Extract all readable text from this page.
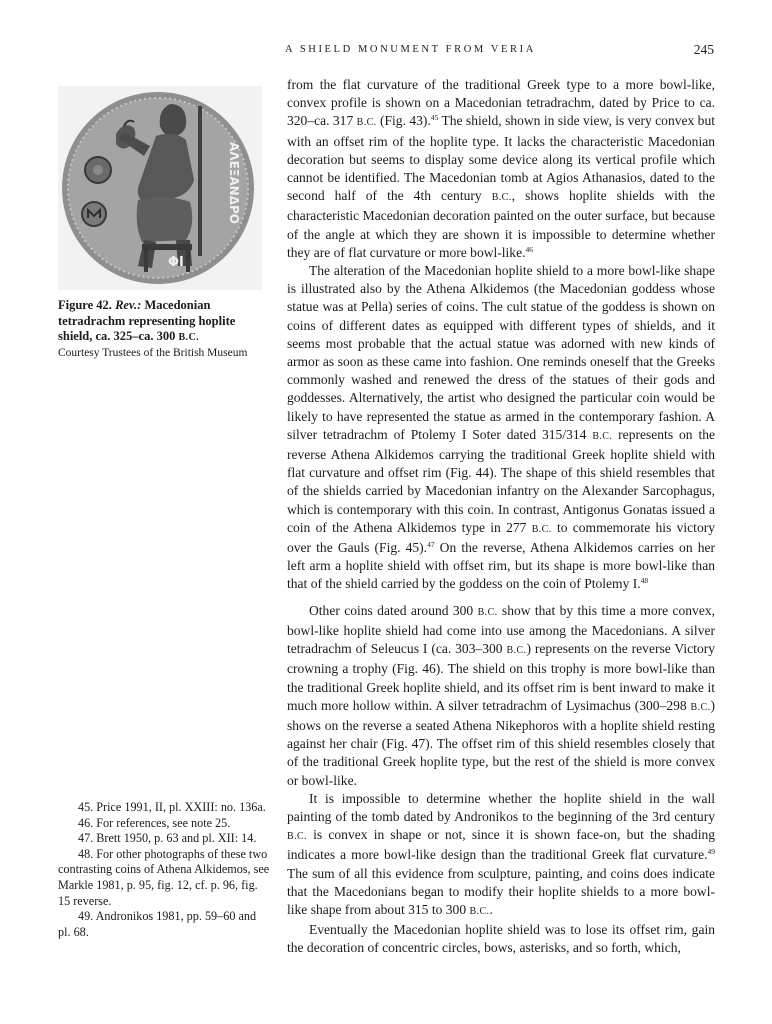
A SHIELD MONUMENT FROM VERIA	245
ΑΛΕΞΑΝΔΡΟ
ΦΙ
Figure 42. Rev.: Macedonian tetradrachm representing hoplite shield, ca. 325–ca. 300 B.C.
Courtesy Trustees of the British Museum

from the flat curvature of the traditional Greek type to a more bowl-like, convex profile is shown on a Macedonian tetradrachm, dated by Price to ca. 320–ca. 317 B.C. (Fig. 43).$^{45}$ The shield, shown in side view, is very convex but with an offset rim of the hoplite type. It lacks the characteristic Macedonian decoration but seems to display some device along its vertical profile which cannot be identified. The Macedonian tomb at Agios Athanasios, dated to the second half of the 4th century B.C., shows hoplite shields with the characteristic Macedonian decoration painted on the outer surface, but because of the angle at which they are shown it is impossible to determine whether they are of flat curvature or more bowl-like.$^{46}$

The alteration of the Macedonian hoplite shield to a more bowl-like shape is illustrated also by the Athena Alkidemos (the Macedonian goddess whose statue was at Pella) series of coins. The cult statue of the goddess is shown on coins of different dates as equipped with different types of shields, and it seems most probable that the actual statue was adorned with new kinds of armor as soon as these came into fashion. One reminds oneself that the Greeks commonly washed and renewed the dress of the statues of their gods and goddesses. Alternatively, the artist who designed the particular coin would be likely to have represented the statue as armed in the contemporary fashion. A silver tetradrachm of Ptolemy I Soter dated 315/314 B.C. represents on the reverse Athena Alkidemos carrying the traditional Greek hoplite shield with flat curvature and offset rim (Fig. 44). The shape of this shield resembles that of the shields carried by Macedonian infantry on the Alexander Sarcophagus, which is contemporary with this coin. In contrast, Antigonus Gonatas issued a coin of the Athena Alkidemos type in 277 B.C. to commemorate his victory over the Gauls (Fig. 45).$^{47}$ On the reverse, Athena Alkidemos carries on her left arm a hoplite shield with offset rim, but its shape is more bowl-like than that of the shield carried by the goddess on the coin of Ptolemy I.$^{48}$

Other coins dated around 300 B.C. show that by this time a more convex, bowl-like hoplite shield had come into use among the Macedonians. A silver tetradrachm of Seleucus I (ca. 303–300 B.C.) represents on the reverse Victory crowning a trophy (Fig. 46). The shield on this trophy is more bowl-like than the traditional Greek hoplite shield, and its offset rim is bent inward to make it much more hollow within. A silver tetradrachm of Lysimachus (300–298 B.C.) shows on the reverse a seated Athena Nikephoros with a hoplite shield resting against her chair (Fig. 47). The offset rim of this shield resembles closely that of the traditional Greek hoplite type, but the rest of the shield is more convex or bowl-like.

It is impossible to determine whether the hoplite shield in the wall painting of the tomb dated by Andronikos to the beginning of the 3rd century B.C. is convex in shape or not, since it is shown face-on, but the shading indicates a more bowl-like design than the traditional Greek flat curvature.$^{49}$ The sum of all this evidence from sculpture, painting, and coins does indicate that the Macedonians began to modify their hoplite shields to a more bowl-like shape from about 315 to 300 B.C..

Eventually the Macedonian hoplite shield was to lose its offset rim, gain the decoration of concentric circles, bows, asterisks, and so forth, which,

45. Price 1991, II, pl. XXIII: no. 136a.

46. For references, see note 25.

47. Brett 1950, p. 63 and pl. XII: 14.

48. For other photographs of these two contrasting coins of Athena Alkidemos, see Markle 1981, p. 95, fig. 12, cf. p. 96, fig. 15 reverse.

49. Andronikos 1981, pp. 59–60 and pl. 68.
